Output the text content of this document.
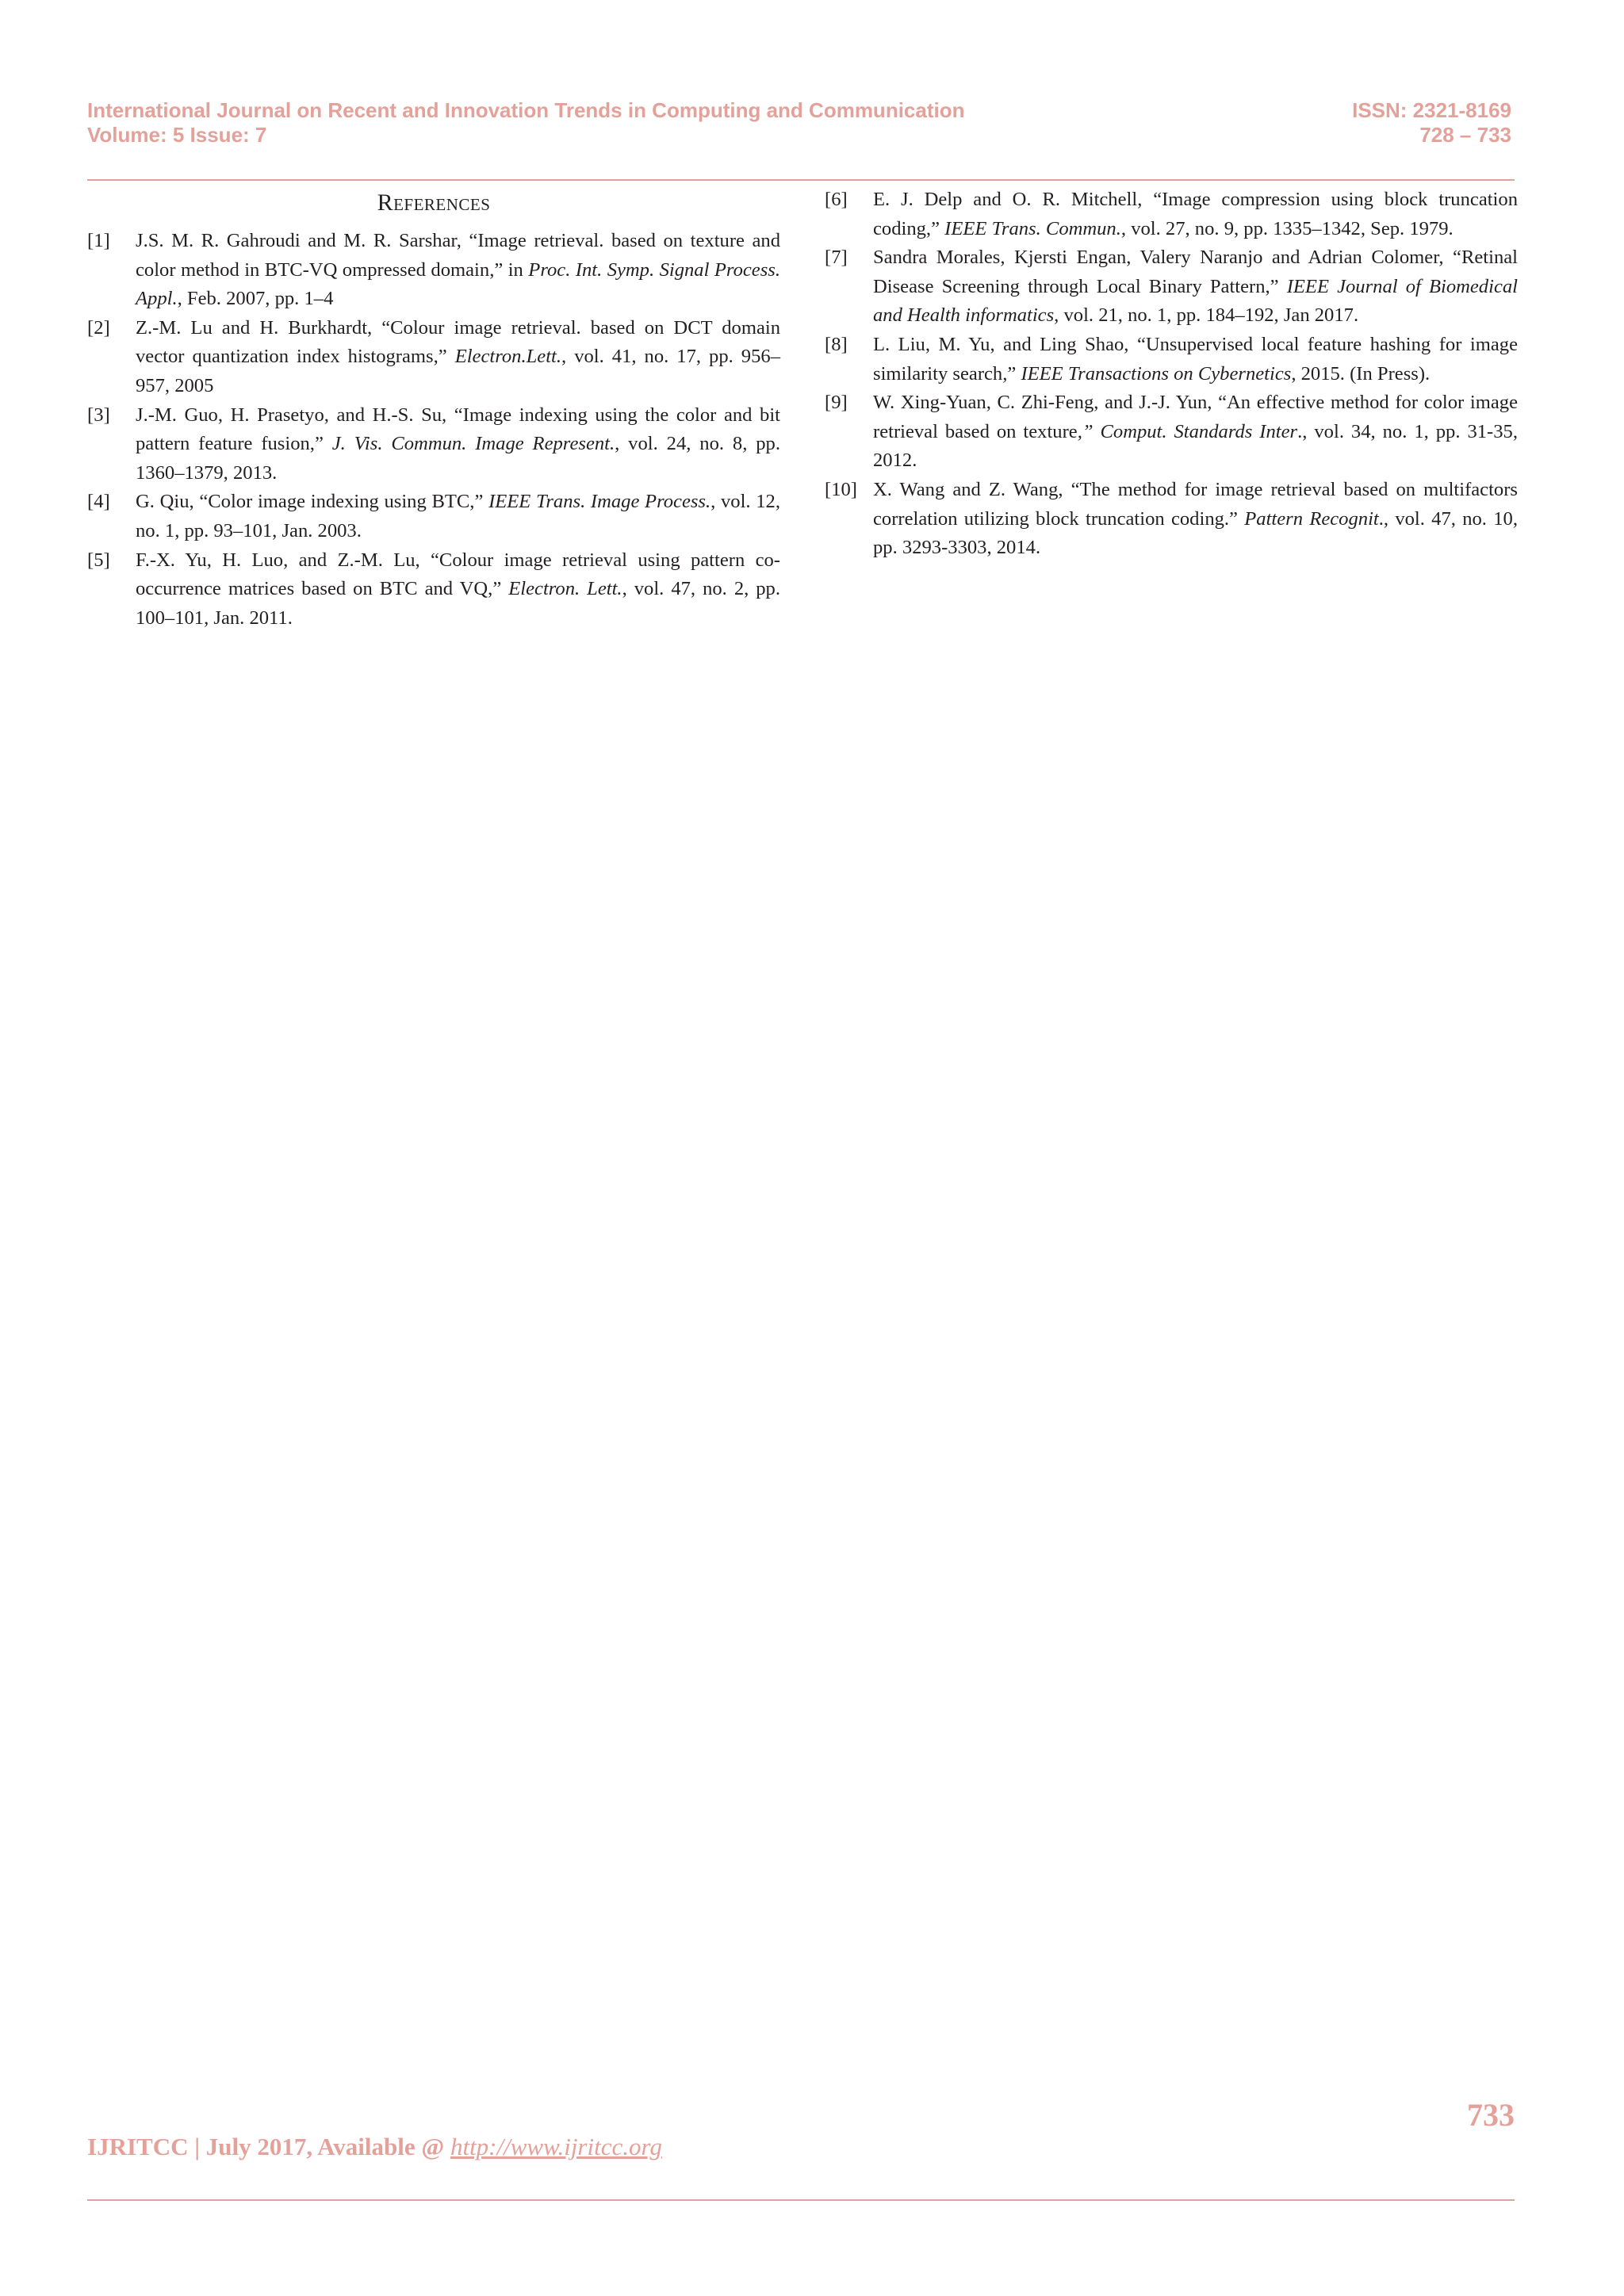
International Journal on Recent and Innovation Trends in Computing and Communication	ISSN: 2321-8169
Volume: 5 Issue: 7	728 – 733
References
[1]	J.S. M. R. Gahroudi and M. R. Sarshar, “Image retrieval. based on texture and color method in BTC-VQ ompressed domain,” in Proc. Int. Symp. Signal Process. Appl., Feb. 2007, pp. 1–4
[2]	Z.-M. Lu and H. Burkhardt, “Colour image retrieval. based on DCT domain vector quantization index histograms,” Electron.Lett., vol. 41, no. 17, pp. 956–957, 2005
[3]	J.-M. Guo, H. Prasetyo, and H.-S. Su, “Image indexing using the color and bit pattern feature fusion,” J. Vis. Commun. Image Represent., vol. 24, no. 8, pp. 1360–1379, 2013.
[4]	G. Qiu, “Color image indexing using BTC,” IEEE Trans. Image Process., vol. 12, no. 1, pp. 93–101, Jan. 2003.
[5]	F.-X. Yu, H. Luo, and Z.-M. Lu, “Colour image retrieval using pattern co-occurrence matrices based on BTC and VQ,” Electron. Lett., vol. 47, no. 2, pp. 100–101, Jan. 2011.
[6]	E. J. Delp and O. R. Mitchell, “Image compression using block truncation coding,” IEEE Trans. Commun., vol. 27, no. 9, pp. 1335–1342, Sep. 1979.
[7]	Sandra Morales, Kjersti Engan, Valery Naranjo and Adrian Colomer, “Retinal Disease Screening through Local Binary Pattern,” IEEE Journal of Biomedical and Health informatics, vol. 21, no. 1, pp. 184–192, Jan 2017.
[8]	L. Liu, M. Yu, and Ling Shao, “Unsupervised local feature hashing for image similarity search,” IEEE Transactions on Cybernetics, 2015. (In Press).
[9]	W. Xing-Yuan, C. Zhi-Feng, and J.-J. Yun, “An effective method for color image retrieval based on texture,” Comput. Standards Inter., vol. 34, no. 1, pp. 31-35, 2012.
[10] X. Wang and Z. Wang, “The method for image retrieval based on multifactors correlation utilizing block truncation coding.” Pattern Recognit., vol. 47, no. 10, pp. 3293-3303, 2014.
733
IJRITCC | July 2017, Available @ http://www.ijritcc.org
